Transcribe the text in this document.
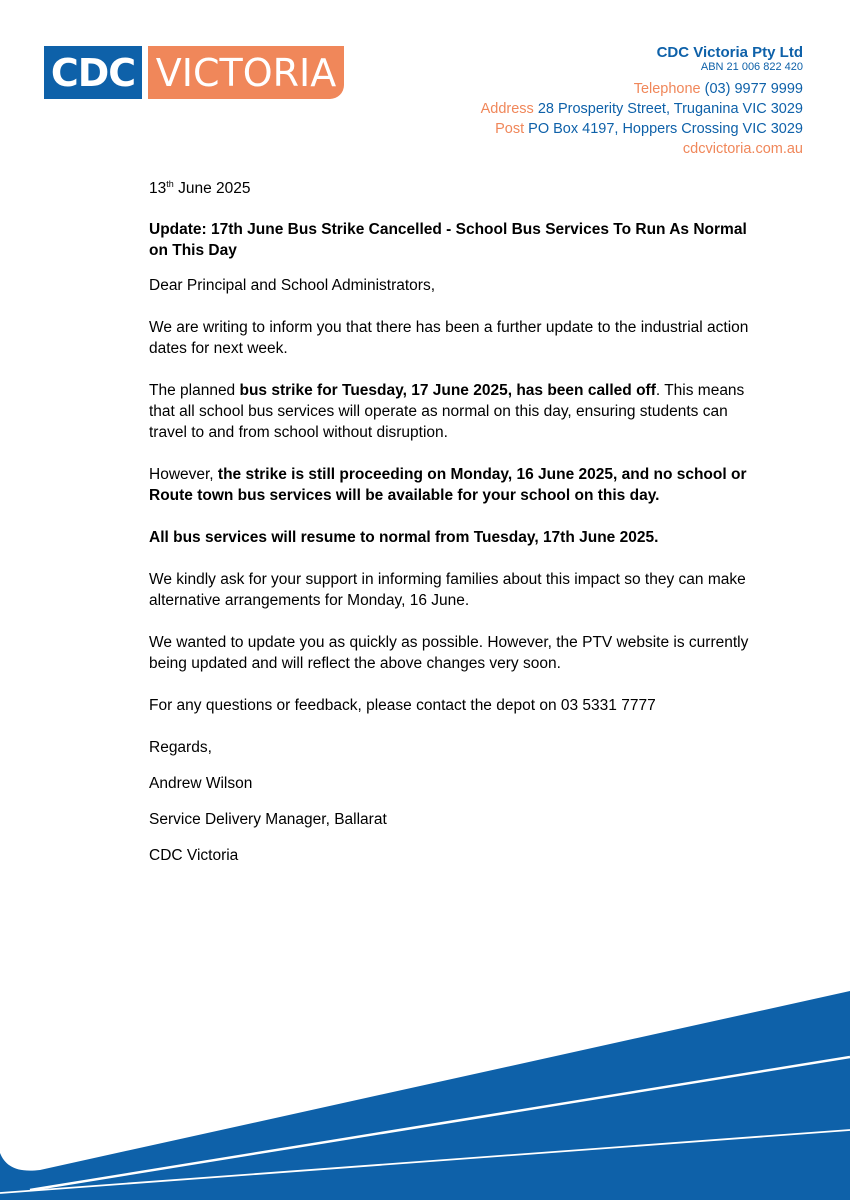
CDC VICTORIA	CDC Victoria Pty Ltd
ABN 21 006 822 420
Telephone (03) 9977 9999
Address 28 Prosperity Street, Truganina VIC 3029
Post PO Box 4197, Hoppers Crossing VIC 3029
cdcvictoria.com.au

13th June 2025

Update: 17th June Bus Strike Cancelled - School Bus Services To Run As Normal on This Day

Dear Principal and School Administrators,

We are writing to inform you that there has been a further update to the industrial action dates for next week.

The planned bus strike for Tuesday, 17 June 2025, has been called off. This means that all school bus services will operate as normal on this day, ensuring students can travel to and from school without disruption.

However, the strike is still proceeding on Monday, 16 June 2025, and no school or Route town bus services will be available for your school on this day.

All bus services will resume to normal from Tuesday, 17th June 2025.

We kindly ask for your support in informing families about this impact so they can make alternative arrangements for Monday, 16 June.

We wanted to update you as quickly as possible. However, the PTV website is currently being updated and will reflect the above changes very soon.

For any questions or feedback, please contact the depot on 03 5331 7777

Regards,

Andrew Wilson

Service Delivery Manager, Ballarat

CDC Victoria
